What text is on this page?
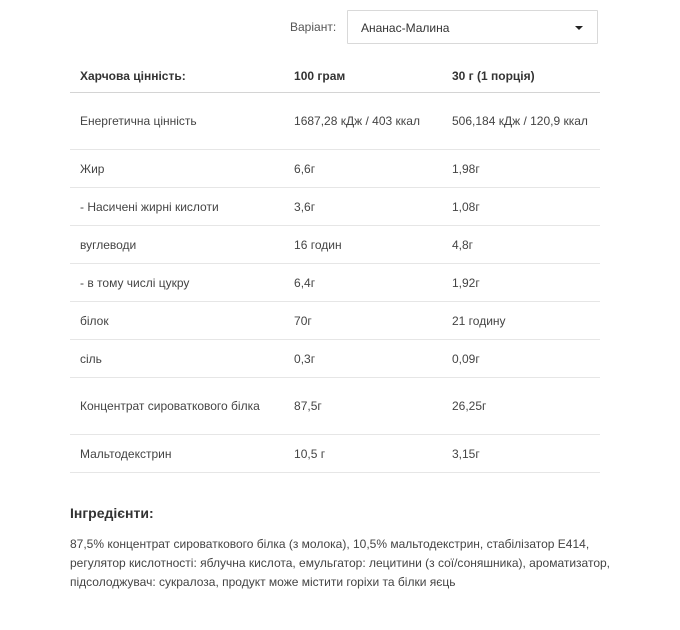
Варіант: Ананас-Малина
Харчова цінність:	100 грам	30 г (1 порція)
Енергетична цінність	1687,28 кДж / 403 ккал	506,184 кДж / 120,9 ккал
Жир	6,6г	1,98г
- Насичені жирні кислоти	3,6г	1,08г
вуглеводи	16 годин	4,8г
- в тому числі цукру	6,4г	1,92г
білок	70г	21 годину
сіль	0,3г	0,09г
Концентрат сироваткового білка	87,5г	26,25г
Мальтодекстрин	10,5 г	3,15г
Інгредієнти:

87,5% концентрат сироваткового білка (з молока), 10,5% мальтодекстрин, стабілізатор E414, регулятор кислотності: яблучна кислота, емульгатор: лецитини (з сої/соняшника), ароматизатор, підсолоджувач: сукралоза, продукт може містити горіхи та білки яєць
